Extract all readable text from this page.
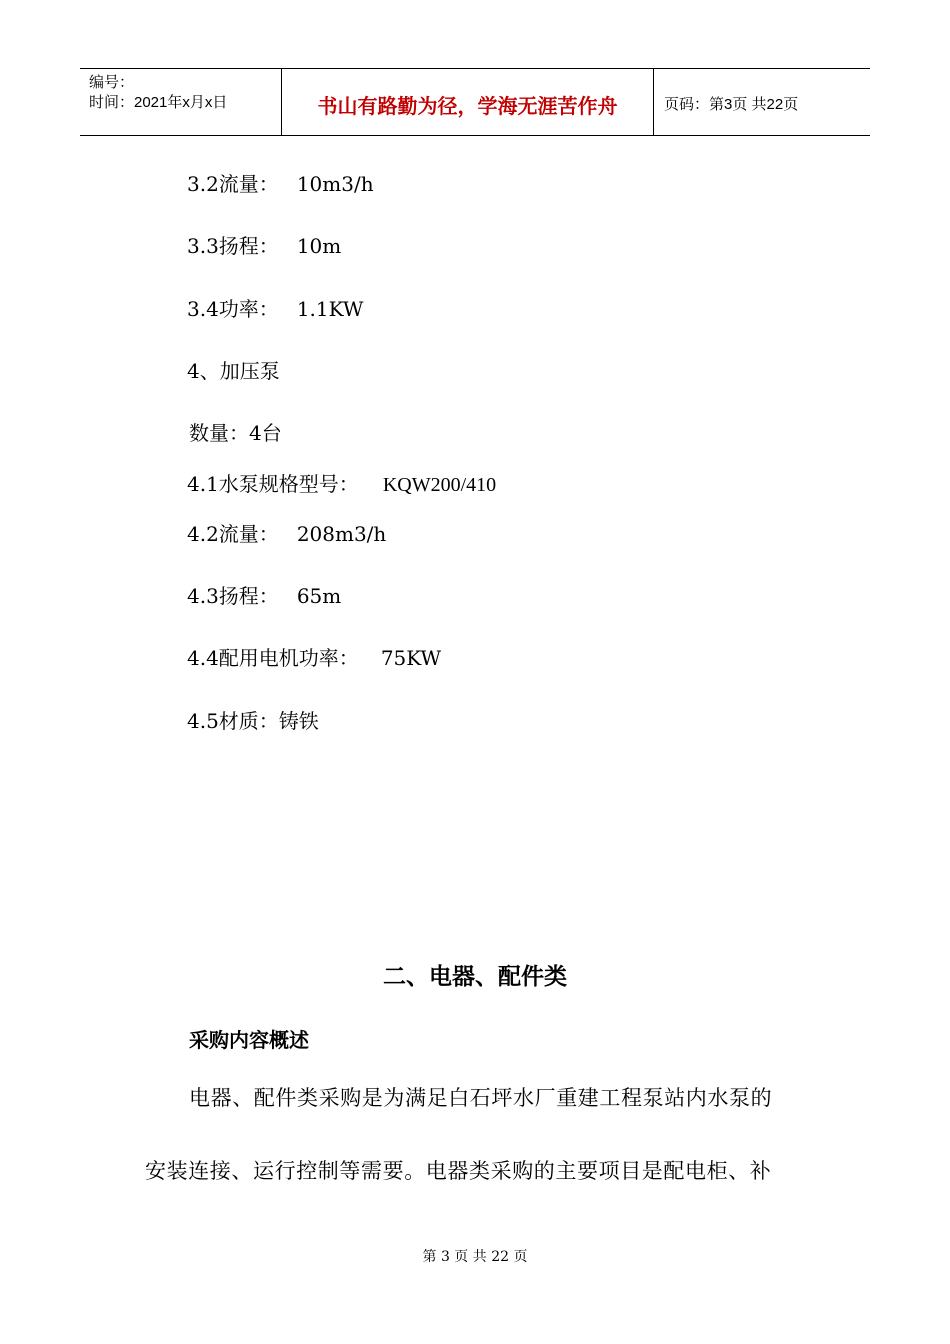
编号：
时间：2021年x月x日	书山有路勤为径，学海无涯苦作舟	页码：第3页 共22页
3.2流量： 10m3/h
3.3扬程： 10m
3.4功率： 1.1KW
4、加压泵
数量：4台
4.1水泵规格型号： KQW200/410
4.2流量： 208m3/h
4.3扬程： 65m
4.4配用电机功率： 75KW
4.5材质：铸铁
二、电器、配件类
采购内容概述
电器、配件类采购是为满足白石坪水厂重建工程泵站内水泵的
安装连接、运行控制等需要。电器类采购的主要项目是配电柜、补
第 3 页 共 22 页
